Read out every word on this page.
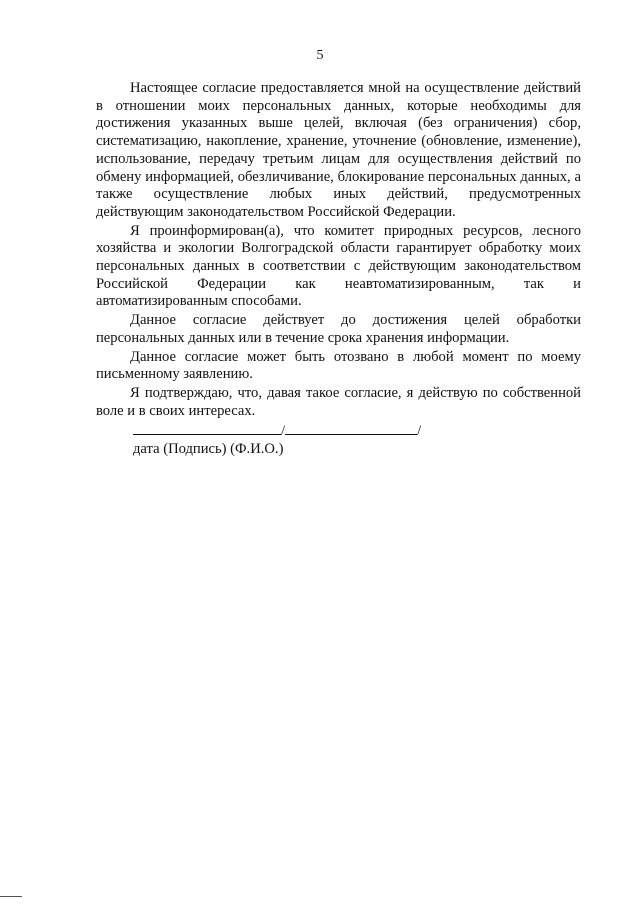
5

Настоящее согласие предоставляется мной на осуществление действий в отношении моих персональных данных, которые необходимы для достижения указанных выше целей, включая (без ограничения) сбор, систематизацию, накопление, хранение, уточнение (обновление, изменение), использование, передачу третьим лицам для осуществления действий по обмену информацией, обезличивание, блокирование персональных данных, а также осуществление любых иных действий, предусмотренных действующим законодательством Российской Федерации.

Я проинформирован(а), что комитет природных ресурсов, лесного хозяйства и экологии Волгоградской области гарантирует обработку моих персональных данных в соответствии с действующим законодательством Российской Федерации как неавтоматизированным, так и автоматизированным способами.

Данное согласие действует до достижения целей обработки персональных данных или в течение срока хранения информации.

Данное согласие может быть отозвано в любой момент по моему письменному заявлению.

Я подтверждаю, что, давая такое согласие, я действую по собственной воле и в своих интересах.

/	/
дата (Подпись) (Ф.И.О.)
